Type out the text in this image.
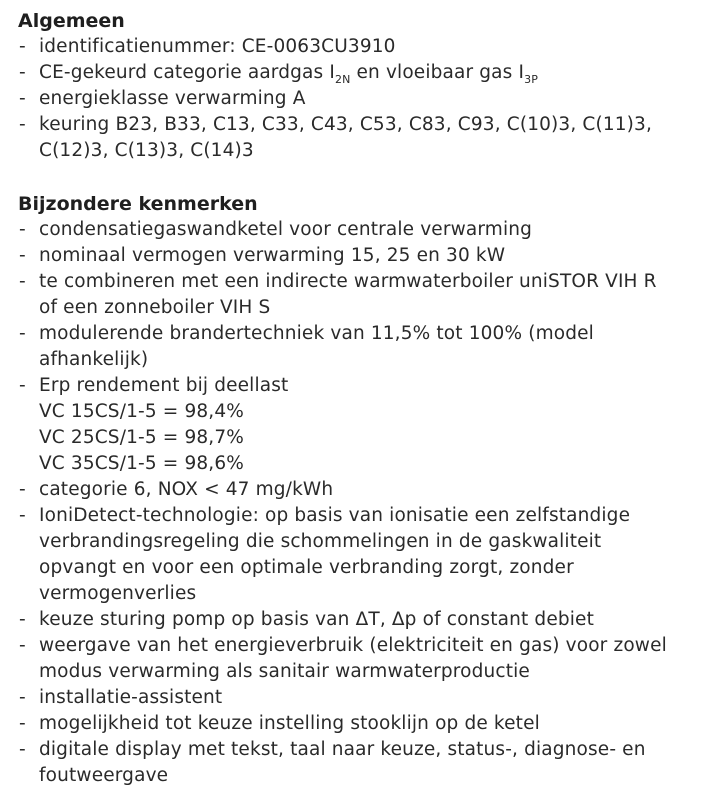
Algemeen
- identificatienummer: CE-0063CU3910
- CE-gekeurd categorie aardgas $I_{2N}$ en vloeibaar gas $I_{3P}$
- energieklasse verwarming A
- keuring B23, B33, C13, C33, C43, C53, C83, C93, C(10)3, C(11)3,
C(12)3, C(13)3, C(14)3
Bijzondere kenmerken
- condensatiegaswandketel voor centrale verwarming
- nominaal vermogen verwarming 15, 25 en 30 kW
- te combineren met een indirecte warmwaterboiler uniSTOR VIH R
of een zonneboiler VIH S
- modulerende brandertechniek van 11,5% tot 100% (model
afhankelijk)
- Erp rendement bij deellast
VC 15CS/1-5 = 98,4%
VC 25CS/1-5 = 98,7%
VC 35CS/1-5 = 98,6%
- categorie 6, NOX < 47 mg/kWh
- IoniDetect-technologie: op basis van ionisatie een zelfstandige
verbrandingsregeling die schommelingen in de gaskwaliteit
opvangt en voor een optimale verbranding zorgt, zonder
vermogenverlies
- keuze sturing pomp op basis van ΔT, Δp of constant debiet
- weergave van het energieverbruik (elektriciteit en gas) voor zowel
modus verwarming als sanitair warmwaterproductie
- installatie-assistent
- mogelijkheid tot keuze instelling stooklijn op de ketel
- digitale display met tekst, taal naar keuze, status-, diagnose- en
foutweergave
